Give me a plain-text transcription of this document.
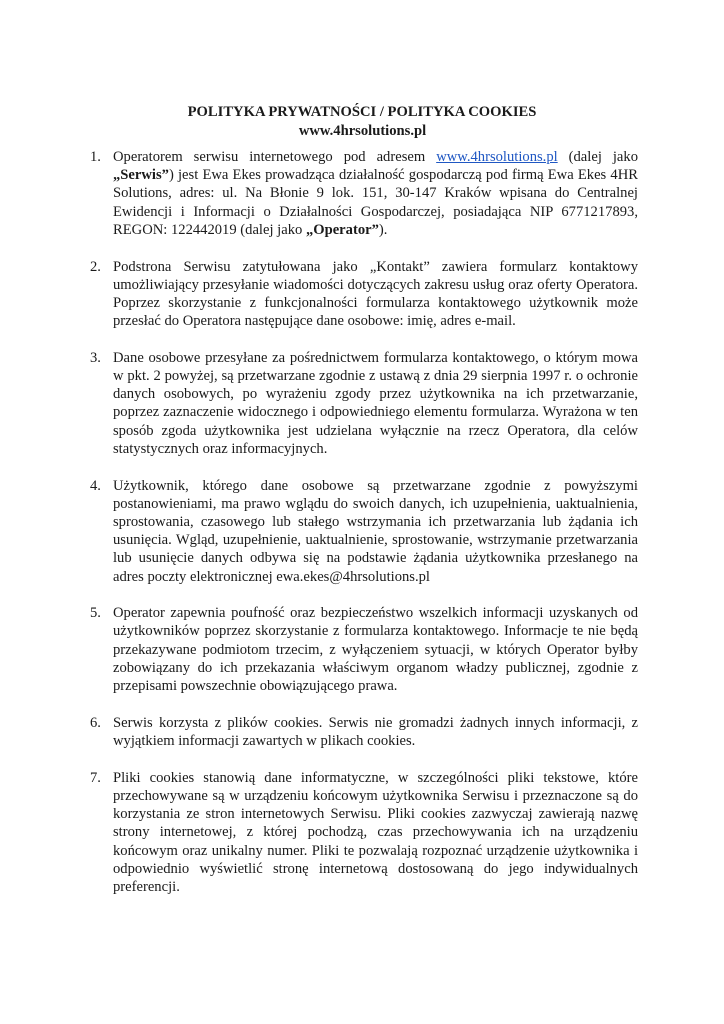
POLITYKA PRYWATNOŚCI / POLITYKA COOKIES
www.4hrsolutions.pl
1. Operatorem serwisu internetowego pod adresem www.4hrsolutions.pl (dalej jako „Serwis”) jest Ewa Ekes prowadząca działalność gospodarczą pod firmą Ewa Ekes 4HR Solutions, adres: ul. Na Błonie 9 lok. 151, 30-147 Kraków wpisana do Centralnej Ewidencji i Informacji o Działalności Gospodarczej, posiadająca NIP 6771217893, REGON: 122442019 (dalej jako „Operator”).
2. Podstrona Serwisu zatytułowana jako „Kontakt” zawiera formularz kontaktowy umożliwiający przesyłanie wiadomości dotyczących zakresu usług oraz oferty Operatora. Poprzez skorzystanie z funkcjonalności formularza kontaktowego użytkownik może przesłać do Operatora następujące dane osobowe: imię, adres e-mail.
3. Dane osobowe przesyłane za pośrednictwem formularza kontaktowego, o którym mowa w pkt. 2 powyżej, są przetwarzane zgodnie z ustawą z dnia 29 sierpnia 1997 r. o ochronie danych osobowych, po wyrażeniu zgody przez użytkownika na ich przetwarzanie, poprzez zaznaczenie widocznego i odpowiedniego elementu formularza. Wyrażona w ten sposób zgoda użytkownika jest udzielana wyłącznie na rzecz Operatora, dla celów statystycznych oraz informacyjnych.
4. Użytkownik, którego dane osobowe są przetwarzane zgodnie z powyższymi postanowieniami, ma prawo wglądu do swoich danych, ich uzupełnienia, uaktualnienia, sprostowania, czasowego lub stałego wstrzymania ich przetwarzania lub żądania ich usunięcia. Wgląd, uzupełnienie, uaktualnienie, sprostowanie, wstrzymanie przetwarzania lub usunięcie danych odbywa się na podstawie żądania użytkownika przesłanego na adres poczty elektronicznej ewa.ekes@4hrsolutions.pl
5. Operator zapewnia poufność oraz bezpieczeństwo wszelkich informacji uzyskanych od użytkowników poprzez skorzystanie z formularza kontaktowego. Informacje te nie będą przekazywane podmiotom trzecim, z wyłączeniem sytuacji, w których Operator byłby zobowiązany do ich przekazania właściwym organom władzy publicznej, zgodnie z przepisami powszechnie obowiązującego prawa.
6. Serwis korzysta z plików cookies. Serwis nie gromadzi żadnych innych informacji, z wyjątkiem informacji zawartych w plikach cookies.
7. Pliki cookies stanowią dane informatyczne, w szczególności pliki tekstowe, które przechowywane są w urządzeniu końcowym użytkownika Serwisu i przeznaczone są do korzystania ze stron internetowych Serwisu. Pliki cookies zazwyczaj zawierają nazwę strony internetowej, z której pochodzą, czas przechowywania ich na urządzeniu końcowym oraz unikalny numer. Pliki te pozwalają rozpoznać urządzenie użytkownika i odpowiednio wyświetlić stronę internetową dostosowaną do jego indywidualnych preferencji.
